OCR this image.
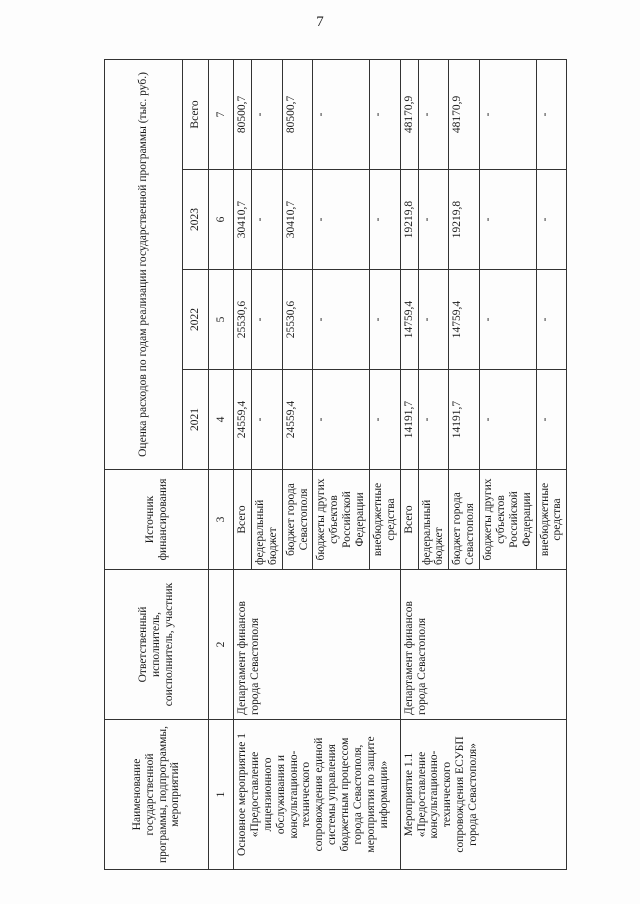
7
Наименование государственной программы, подпрограммы, мероприятий	Ответственный исполнитель, соисполнитель, участник	Источник финансирования	Оценка расходов по годам реализации государственной программы (тыс. руб.)			
			2021	2022	2023	Всего
1	2	3	4	5	6	7
Основное мероприятие 1 «Предоставление лицензионного обслуживания и консультационно-технического сопровождения единой системы управления бюджетным процессом города Севастополя, мероприятия по защите информации»	Департамент финансов города Севастополя	Всего	24559,4	25530,6	30410,7	80500,7
		федеральный бюджет	-	-	-	-
		бюджет города Севастополя	24559,4	25530,6	30410,7	80500,7
		бюджеты других субъектов Российской Федерации	-	-	-	-
		внебюджетные средства	-	-	-	-
Мероприятие 1.1 «Предоставление консультационно-технического сопровождения ЕСУБП города Севастополя»	Департамент финансов города Севастополя	Всего	14191,7	14759,4	19219,8	48170,9
		федеральный бюджет	-	-	-	-
		бюджет города Севастополя	14191,7	14759,4	19219,8	48170,9
		бюджеты других субъектов Российской Федерации	-	-	-	-
		внебюджетные средства	-	-	-	-
